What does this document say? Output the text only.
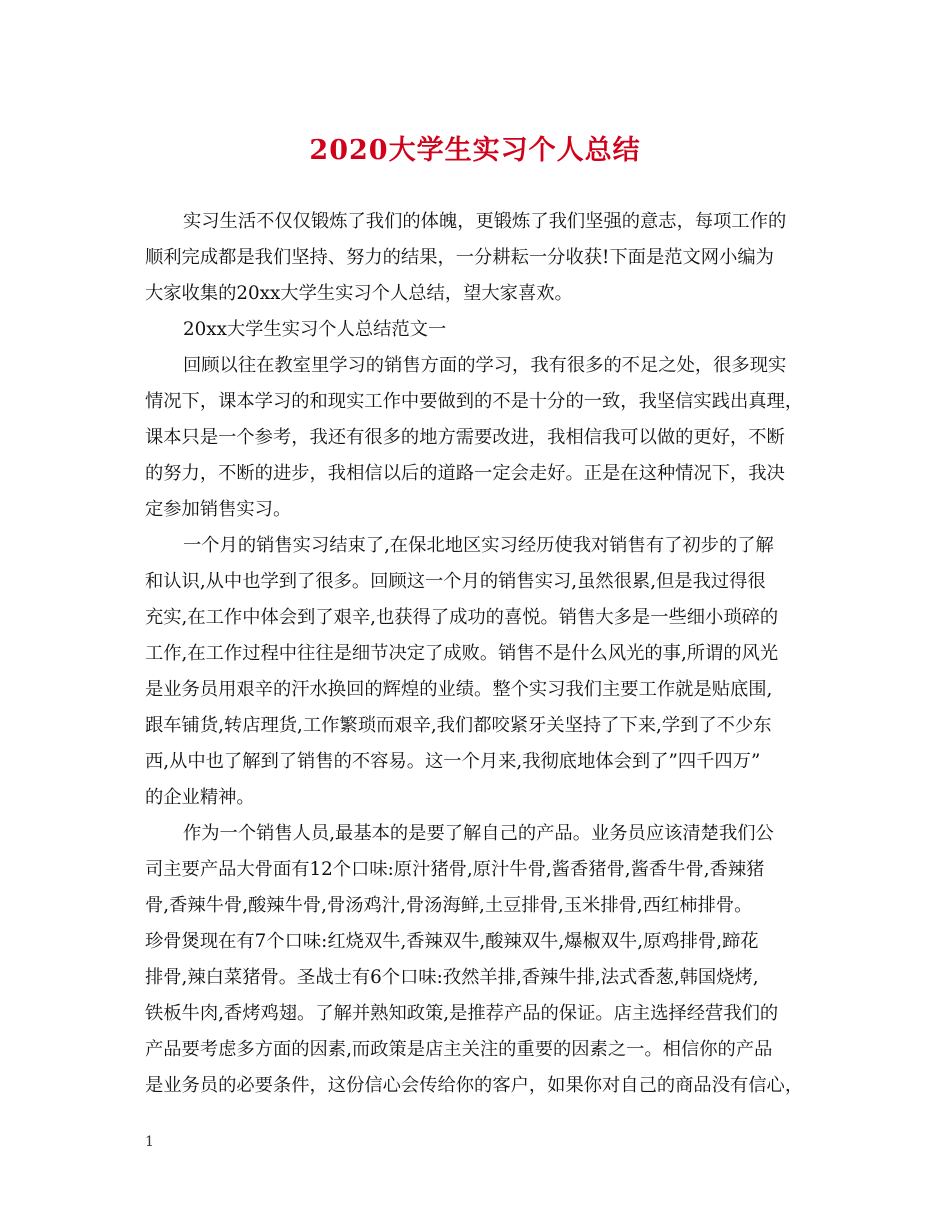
2020大学生实习个人总结
实习生活不仅仅锻炼了我们的体魄，更锻炼了我们坚强的意志，每项工作的
顺利完成都是我们坚持、努力的结果，一分耕耘一分收获!下面是范文网小编为
大家收集的20xx大学生实习个人总结，望大家喜欢。
20xx大学生实习个人总结范文一
回顾以往在教室里学习的销售方面的学习，我有很多的不足之处，很多现实
情况下，课本学习的和现实工作中要做到的不是十分的一致，我坚信实践出真理，
课本只是一个参考，我还有很多的地方需要改进，我相信我可以做的更好，不断
的努力，不断的进步，我相信以后的道路一定会走好。正是在这种情况下，我决
定参加销售实习。
一个月的销售实习结束了,在保北地区实习经历使我对销售有了初步的了解
和认识,从中也学到了很多。回顾这一个月的销售实习,虽然很累,但是我过得很
充实,在工作中体会到了艰辛,也获得了成功的喜悦。销售大多是一些细小琐碎的
工作,在工作过程中往往是细节决定了成败。销售不是什么风光的事,所谓的风光
是业务员用艰辛的汗水换回的辉煌的业绩。整个实习我们主要工作就是贴底围,
跟车铺货,转店理货,工作繁琐而艰辛,我们都咬紧牙关坚持了下来,学到了不少东
西,从中也了解到了销售的不容易。这一个月来,我彻底地体会到了”四千四万”
的企业精神。
作为一个销售人员,最基本的是要了解自己的产品。业务员应该清楚我们公
司主要产品大骨面有12个口味:原汁猪骨,原汁牛骨,酱香猪骨,酱香牛骨,香辣猪
骨,香辣牛骨,酸辣牛骨,骨汤鸡汁,骨汤海鲜,土豆排骨,玉米排骨,西红柿排骨。
珍骨煲现在有7个口味:红烧双牛,香辣双牛,酸辣双牛,爆椒双牛,原鸡排骨,蹄花
排骨,辣白菜猪骨。圣战士有6个口味:孜然羊排,香辣牛排,法式香葱,韩国烧烤,
铁板牛肉,香烤鸡翅。了解并熟知政策,是推荐产品的保证。店主选择经营我们的
产品要考虑多方面的因素,而政策是店主关注的重要的因素之一。相信你的产品
是业务员的必要条件，这份信心会传给你的客户，如果你对自己的商品没有信心，
1
